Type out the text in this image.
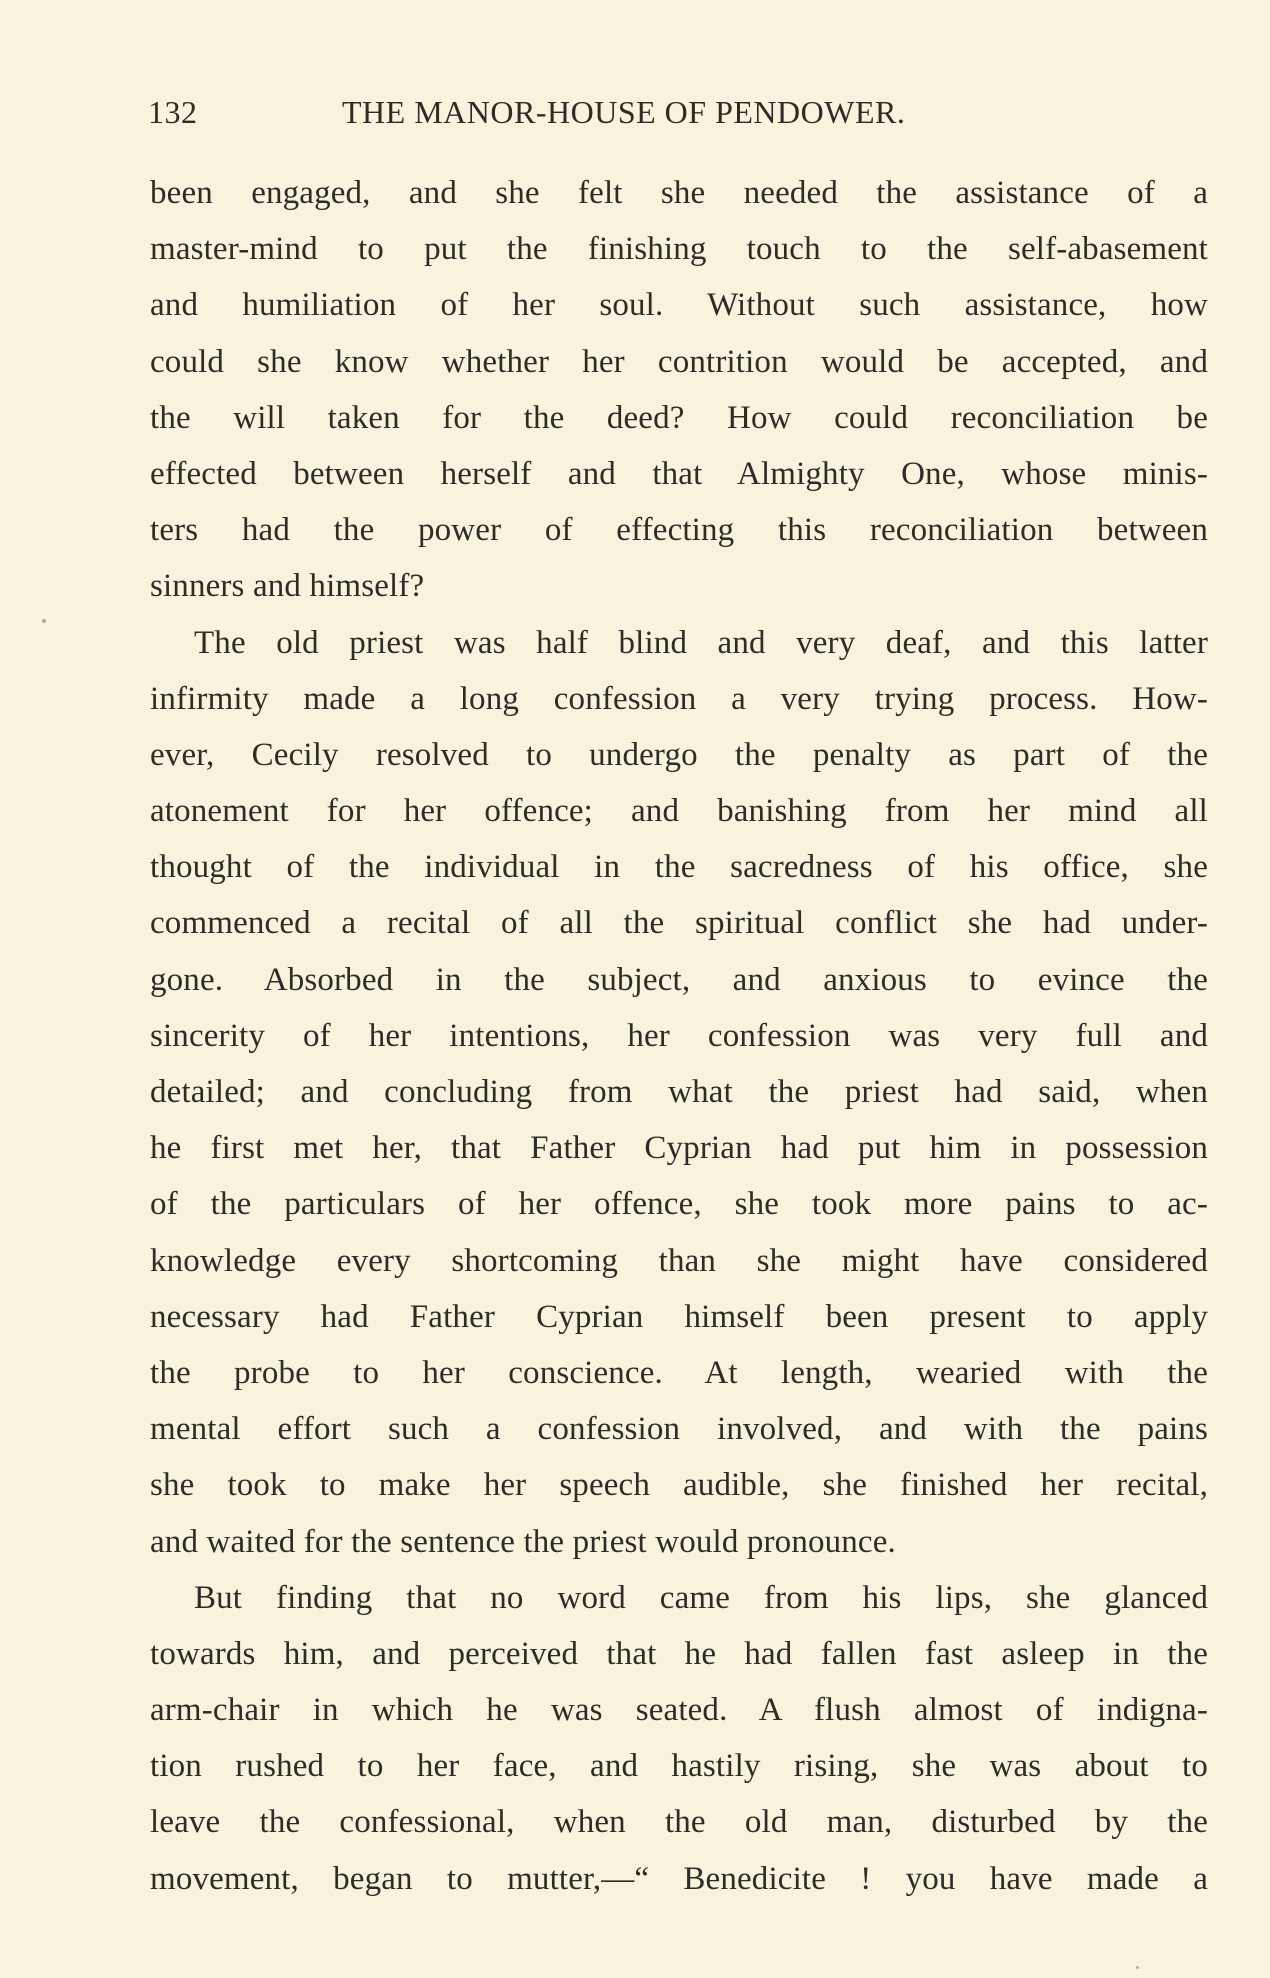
132	THE MANOR-HOUSE OF PENDOWER.
been engaged, and she felt she needed the assistance of a
master-mind to put the finishing touch to the self-abasement
and humiliation of her soul. Without such assistance, how
could she know whether her contrition would be accepted, and
the will taken for the deed? How could reconciliation be
effected between herself and that Almighty One, whose minis-
ters had the power of effecting this reconciliation between
sinners and himself?
The old priest was half blind and very deaf, and this latter
infirmity made a long confession a very trying process. How-
ever, Cecily resolved to undergo the penalty as part of the
atonement for her offence; and banishing from her mind all
thought of the individual in the sacredness of his office, she
commenced a recital of all the spiritual conflict she had under-
gone. Absorbed in the subject, and anxious to evince the
sincerity of her intentions, her confession was very full and
detailed; and concluding from what the priest had said, when
he first met her, that Father Cyprian had put him in possession
of the particulars of her offence, she took more pains to ac-
knowledge every shortcoming than she might have considered
necessary had Father Cyprian himself been present to apply
the probe to her conscience. At length, wearied with the
mental effort such a confession involved, and with the pains
she took to make her speech audible, she finished her recital,
and waited for the sentence the priest would pronounce.
But finding that no word came from his lips, she glanced
towards him, and perceived that he had fallen fast asleep in the
arm-chair in which he was seated. A flush almost of indigna-
tion rushed to her face, and hastily rising, she was about to
leave the confessional, when the old man, disturbed by the
movement, began to mutter,—“ Benedicite ! you have made a
